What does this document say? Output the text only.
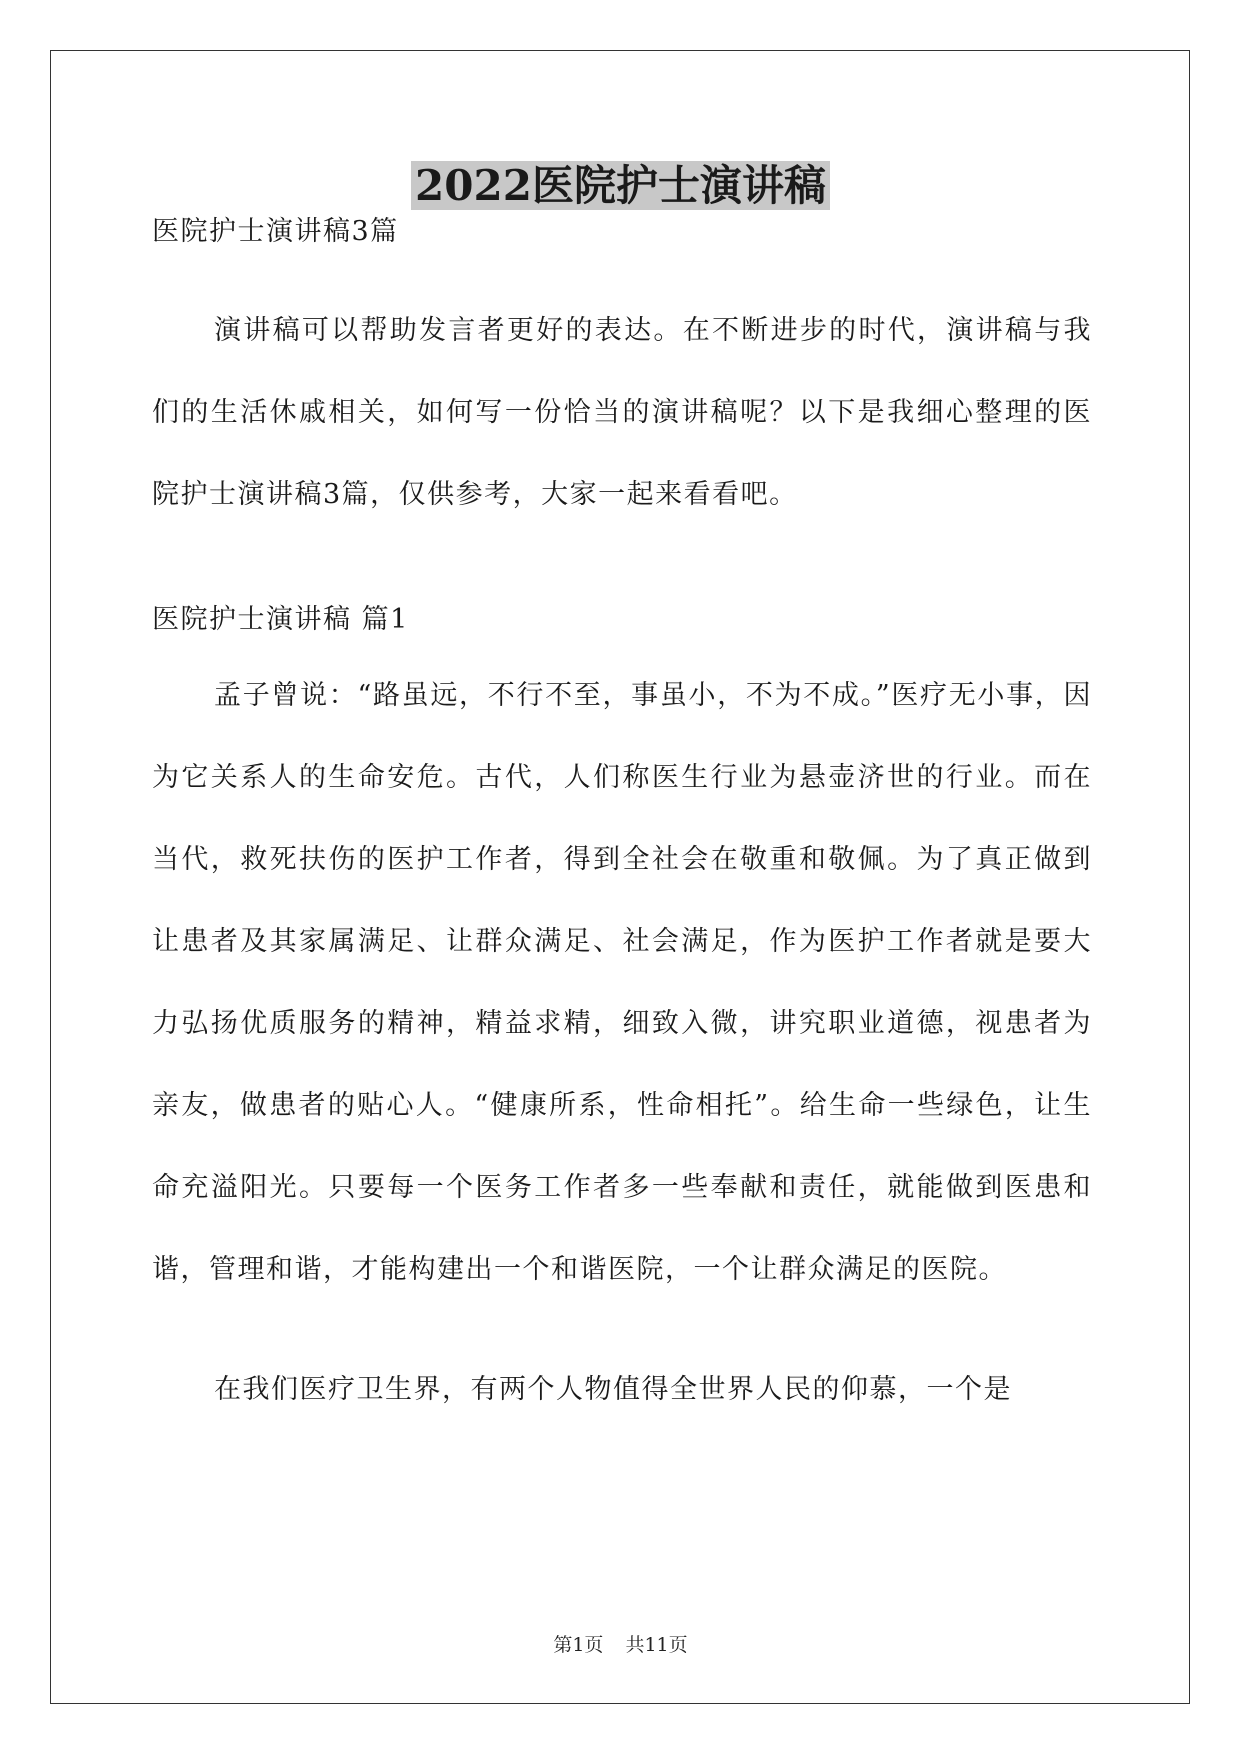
2022医院护士演讲稿

医院护士演讲稿3篇

演讲稿可以帮助发言者更好的表达。在不断进步的时代，演讲稿与我们的生活休戚相关，如何写一份恰当的演讲稿呢？以下是我细心整理的医院护士演讲稿3篇，仅供参考，大家一起来看看吧。

医院护士演讲稿 篇1

孟子曾说：“路虽远，不行不至，事虽小，不为不成。”医疗无小事，因为它关系人的生命安危。古代，人们称医生行业为悬壶济世的行业。而在当代，救死扶伤的医护工作者，得到全社会在敬重和敬佩。为了真正做到让患者及其家属满足、让群众满足、社会满足，作为医护工作者就是要大力弘扬优质服务的精神，精益求精，细致入微，讲究职业道德，视患者为亲友，做患者的贴心人。“健康所系，性命相托”。给生命一些绿色，让生命充溢阳光。只要每一个医务工作者多一些奉献和责任，就能做到医患和谐，管理和谐，才能构建出一个和谐医院，一个让群众满足的医院。

在我们医疗卫生界，有两个人物值得全世界人民的仰慕，一个是

第1页 共11页
